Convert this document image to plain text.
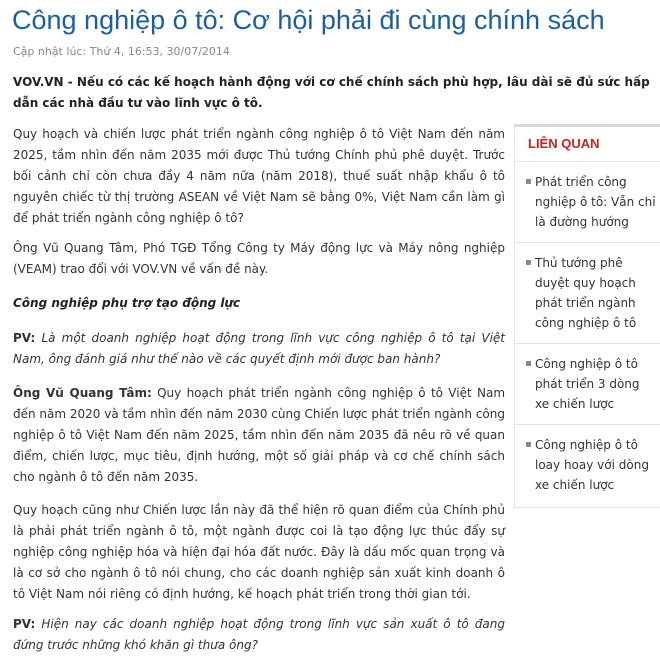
Công nghiệp ô tô: Cơ hội phải đi cùng chính sách
Cập nhật lúc: Thứ 4, 16:53, 30/07/2014

VOV.VN - Nếu có các kế hoạch hành động với cơ chế chính sách phù hợp, lâu dài sẽ đủ sức hấp dẫn các nhà đầu tư vào lĩnh vực ô tô.

Quy hoạch và chiến lược phát triển ngành công nghiệp ô tô Việt Nam đến năm 2025, tầm nhìn đến năm 2035 mới được Thủ tướng Chính phủ phê duyệt. Trước bối cảnh chỉ còn chưa đầy 4 năm nữa (năm 2018), thuế suất nhập khẩu ô tô nguyên chiếc từ thị trường ASEAN về Việt Nam sẽ bằng 0%, Việt Nam cần làm gì để phát triển ngành công nghiệp ô tô?

Ông Vũ Quang Tâm, Phó TGĐ Tổng Công ty Máy động lực và Máy nông nghiệp (VEAM) trao đổi với VOV.VN về vấn đề này.

Công nghiệp phụ trợ tạo động lực

PV: Là một doanh nghiệp hoạt động trong lĩnh vực công nghiệp ô tô tại Việt Nam, ông đánh giá như thế nào về các quyết định mới được ban hành?

Ông Vũ Quang Tâm: Quy hoạch phát triển ngành công nghiệp ô tô Việt Nam đến năm 2020 và tầm nhìn đến năm 2030 cùng Chiến lược phát triển ngành công nghiệp ô tô Việt Nam đến năm 2025, tầm nhìn đến năm 2035 đã nêu rõ về quan điểm, chiến lược, mục tiêu, định hướng, một số giải pháp và cơ chế chính sách cho ngành ô tô đến năm 2035.

Quy hoạch cũng như Chiến lược lần này đã thể hiện rõ quan điểm của Chính phủ là phải phát triển ngành ô tô, một ngành được coi là tạo động lực thúc đẩy sự nghiệp công nghiệp hóa và hiện đại hóa đất nước. Đây là dấu mốc quan trọng và là cơ sở cho ngành ô tô nói chung, cho các doanh nghiệp sản xuất kinh doanh ô tô Việt Nam nói riêng có định hướng, kế hoạch phát triển trong thời gian tới.

PV: Hiện nay các doanh nghiệp hoạt động trong lĩnh vực sản xuất ô tô đang đứng trước những khó khăn gì thưa ông?

LIÊN QUAN
▪ Phát triển công nghiệp ô tô: Vẫn chỉ là đường hướng
▪ Thủ tướng phê duyệt quy hoạch phát triển ngành công nghiệp ô tô
▪ Công nghiệp ô tô phát triển 3 dòng xe chiến lược
▪ Công nghiệp ô tô loay hoay với dòng xe chiến lược
